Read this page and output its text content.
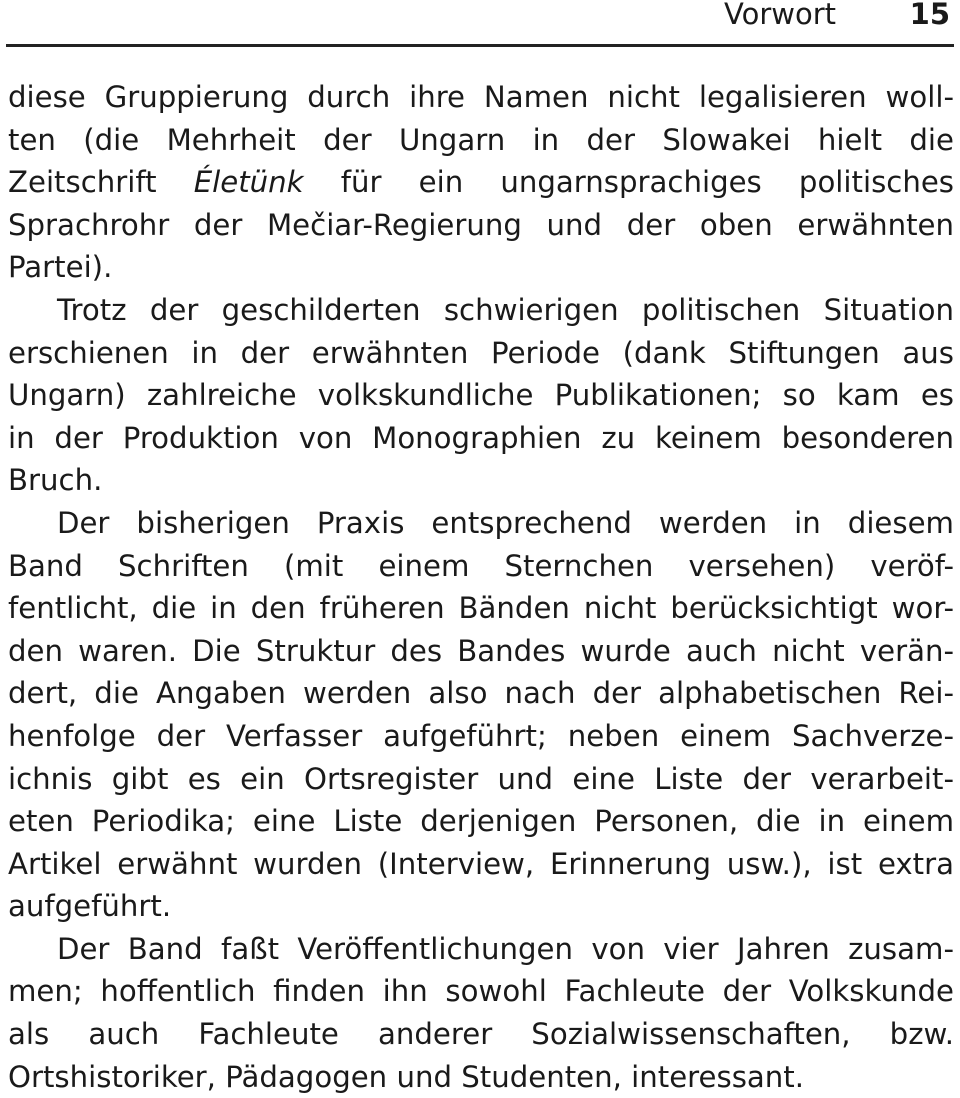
Vorwort	15
diese Gruppierung durch ihre Namen nicht legalisieren woll-
ten (die Mehrheit der Ungarn in der Slowakei hielt die
Zeitschrift Életünk für ein ungarnsprachiges politisches
Sprachrohr der Mečiar-Regierung und der oben erwähnten
Partei).
Trotz der geschilderten schwierigen politischen Situation
erschienen in der erwähnten Periode (dank Stiftungen aus
Ungarn) zahlreiche volkskundliche Publikationen; so kam es
in der Produktion von Monographien zu keinem besonderen
Bruch.
Der bisherigen Praxis entsprechend werden in diesem
Band Schriften (mit einem Sternchen versehen) veröf-
fentlicht, die in den früheren Bänden nicht berücksichtigt wor-
den waren. Die Struktur des Bandes wurde auch nicht verän-
dert, die Angaben werden also nach der alphabetischen Rei-
henfolge der Verfasser aufgeführt; neben einem Sachverze-
ichnis gibt es ein Ortsregister und eine Liste der verarbeit-
eten Periodika; eine Liste derjenigen Personen, die in einem
Artikel erwähnt wurden (Interview, Erinnerung usw.), ist extra
aufgeführt.
Der Band faßt Veröffentlichungen von vier Jahren zusam-
men; hoffentlich finden ihn sowohl Fachleute der Volkskunde
als auch Fachleute anderer Sozialwissenschaften, bzw.
Ortshistoriker, Pädagogen und Studenten, interessant.
